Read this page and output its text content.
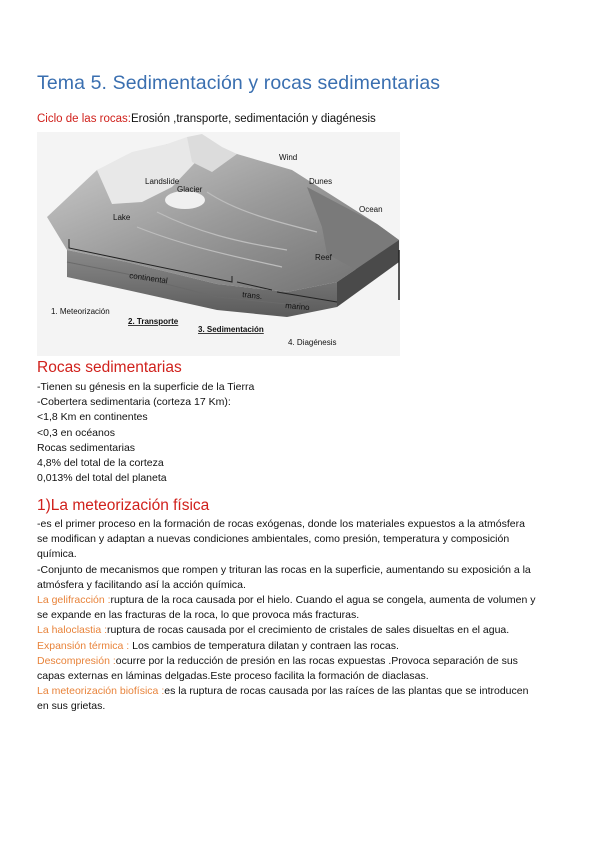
Tema 5. Sedimentación y rocas sedimentarias
Ciclo de las rocas:Erosión ,transporte, sedimentación y diagénesis
Landslide
Glacier
Lake
Wind
Dunes
Ocean
Reef
continental
trans.
marino
1. Meteorización
2. Transporte
3. Sedimentación
4. Diagénesis
Rocas sedimentarias
-Tienen su génesis en la superficie de la Tierra
-Cobertera sedimentaria (corteza 17 Km):
<1,8 Km en continentes
<0,3 en océanos
Rocas sedimentarias
4,8% del total de la corteza
0,013% del total del planeta
1)La meteorización física
-es el primer proceso en la formación de rocas exógenas, donde los materiales expuestos a la atmósfera se modifican y adaptan a nuevas condiciones ambientales, como presión, temperatura y composición química.
-Conjunto de mecanismos que rompen y trituran las rocas en la superficie, aumentando su exposición a la atmósfera y facilitando así la acción química.
La gelifracción :ruptura de la roca causada por el hielo. Cuando el agua se congela, aumenta de volumen y se expande en las fracturas de la roca, lo que provoca más fracturas.
La haloclastia :ruptura de rocas causada por el crecimiento de cristales de sales disueltas en el agua.
Expansión térmica : Los cambios de temperatura dilatan y contraen las rocas.
Descompresión :ocurre por la reducción de presión en las rocas expuestas .Provoca separación de sus capas externas en láminas delgadas.Este proceso facilita la formación de diaclasas.
La meteorización biofísica :es la ruptura de rocas causada por las raíces de las plantas que se introducen en sus grietas.
